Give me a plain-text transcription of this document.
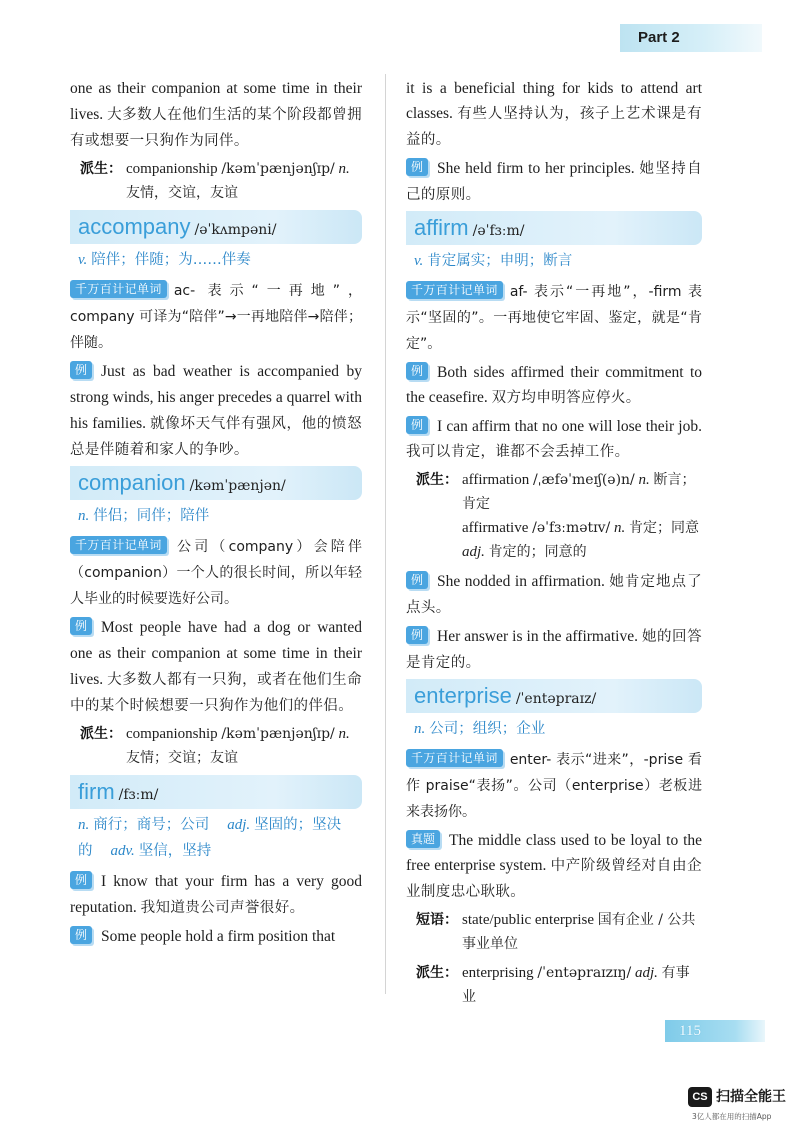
Part 2

one as their companion at some time in their lives. 大多数人在他们生活的某个阶段都曾拥有或想要一只狗作为同伴。

派生： companionship /kəmˈpænjənʃɪp/ n. 友情，交谊，友谊
accompany /əˈkʌmpəni/
v. 陪伴；伴随；为……伴奏

千万百计记单词 ac- 表示“一再地”，company 可译为“陪伴”→一再地陪伴→陪伴；伴随。

例 Just as bad weather is accompanied by strong winds, his anger precedes a quarrel with his families. 就像坏天气伴有强风，他的愤怒总是伴随着和家人的争吵。

companion /kəmˈpænjən/
n. 伴侣；同伴；陪伴

千万百计记单词 公司（company）会陪伴（companion）一个人的很长时间，所以年轻人毕业的时候要选好公司。

例 Most people have had a dog or wanted one as their companion at some time in their lives. 大多数人都有一只狗，或者在他们生命中的某个时候想要一只狗作为他们的伴侣。

派生： companionship /kəmˈpænjənʃɪp/ n. 友情；交谊；友谊
firm /fɜːm/
n. 商行；商号；公司 adj. 坚固的；坚决的 adv. 坚信，坚持

例 I know that your firm has a very good reputation. 我知道贵公司声誉很好。

例 Some people hold a firm position that

it is a beneficial thing for kids to attend art classes. 有些人坚持认为，孩子上艺术课是有益的。

例 She held firm to her principles. 她坚持自己的原则。

affirm /əˈfɜːm/
v. 肯定属实；申明；断言

千万百计记单词 af- 表示“一再地”，-firm 表示“坚固的”。一再地使它牢固、鉴定，就是“肯定”。

例 Both sides affirmed their commitment to the ceasefire. 双方均申明答应停火。

例 I can affirm that no one will lose their job. 我可以肯定，谁都不会丢掉工作。

派生： affirmation /ˌæfəˈmeɪʃ(ə)n/ n. 断言；肯定
affirmative /əˈfɜːmətɪv/ n. 肯定；同意 adj. 肯定的；同意的

例 She nodded in affirmation. 她肯定地点了点头。

例 Her answer is in the affirmative. 她的回答是肯定的。

enterprise /ˈentəpraɪz/
n. 公司；组织；企业

千万百计记单词 enter- 表示“进来”，-prise 看作 praise“表扬”。公司（enterprise）老板进来表扬你。

真题 The middle class used to be loyal to the free enterprise system. 中产阶级曾经对自由企业制度忠心耿耿。

短语： state/public enterprise 国有企业 / 公共事业单位
派生： enterprising /ˈentəpraɪzɪŋ/ adj. 有事业
115
CS 扫描全能王
3亿人都在用的扫描App
